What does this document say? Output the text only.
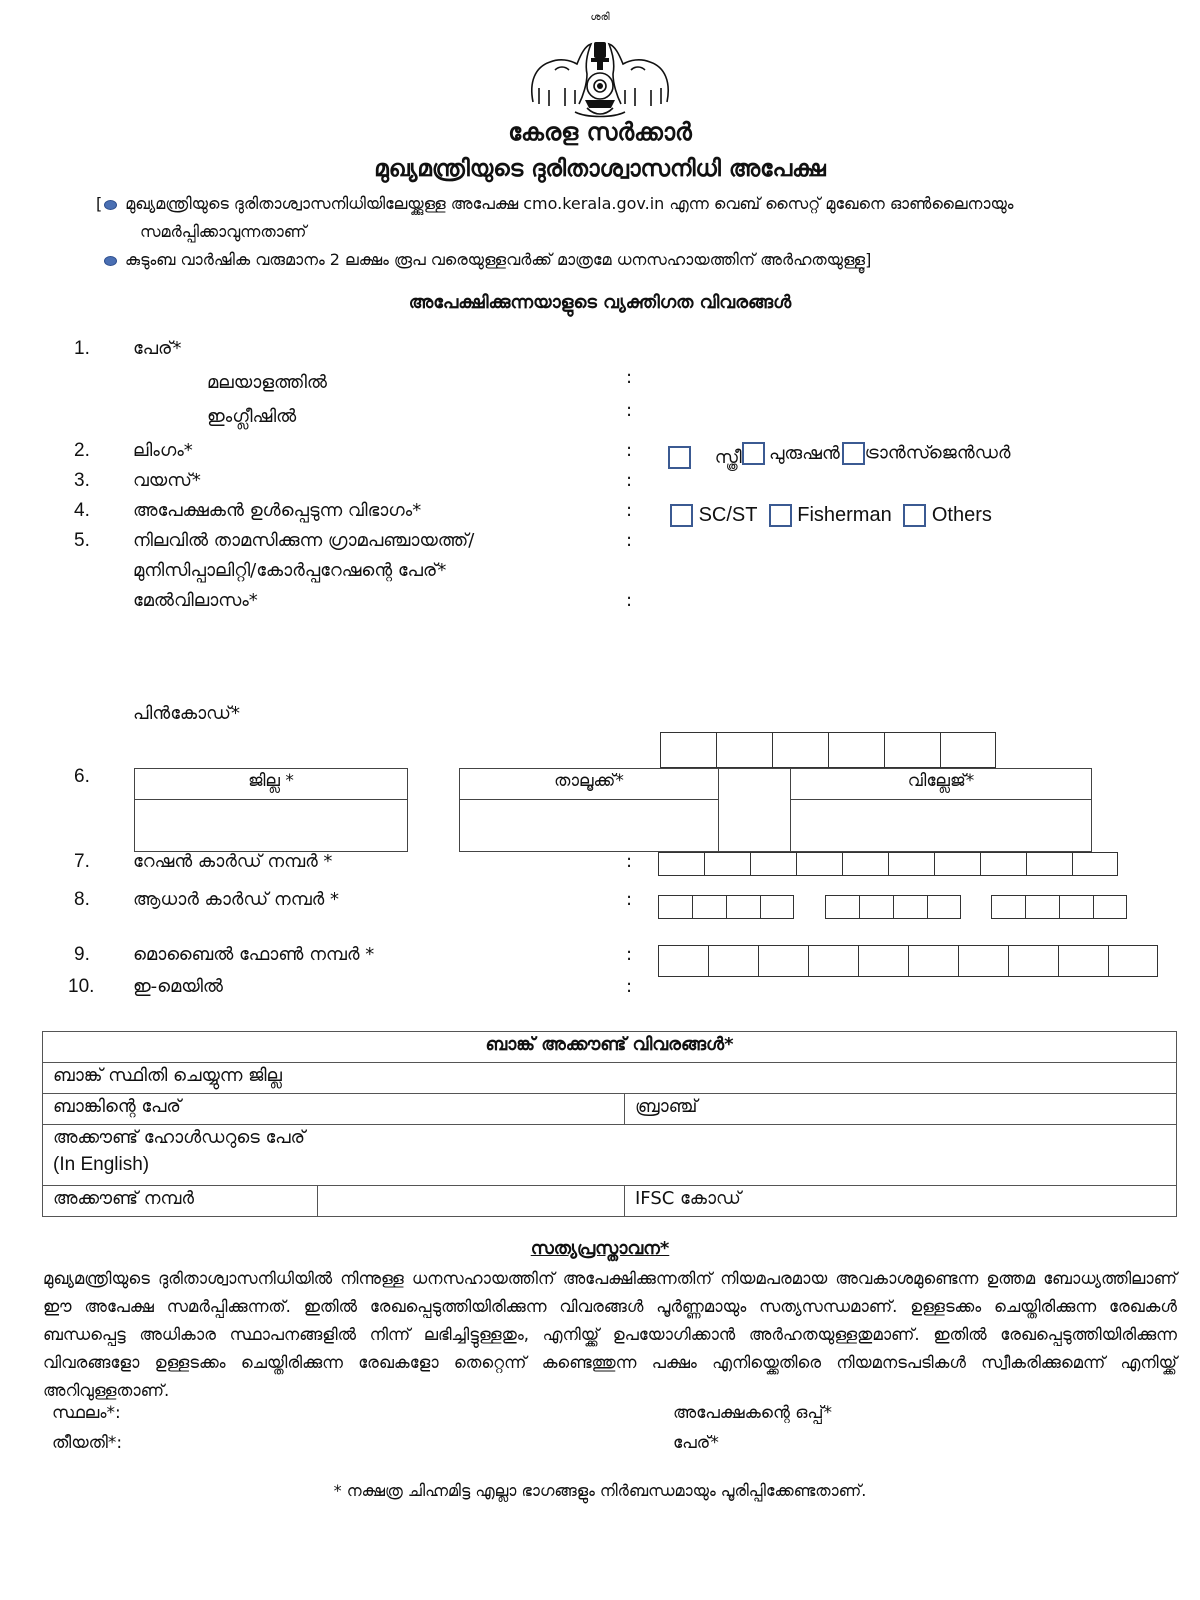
ശരി
കേരള സർക്കാർ
മുഖ്യമന്ത്രിയുടെ ദുരിതാശ്വാസനിധി അപേക്ഷ
[ മുഖ്യമന്ത്രിയുടെ ദുരിതാശ്വാസനിധിയിലേയ്ക്കുള്ള അപേക്ഷ cmo.kerala.gov.in എന്ന വെബ് സൈറ്റ് മുഖേനെ ഓൺലൈനായും
സമർപ്പിക്കാവുന്നതാണ്
കുടുംബ വാർഷിക വരുമാനം 2 ലക്ഷം രൂപ വരെയുള്ളവർക്ക് മാത്രമേ ധനസഹായത്തിന് അർഹതയുള്ളൂ]
അപേക്ഷിക്കുന്നയാളുടെ വ്യക്തിഗത വിവരങ്ങൾ
1. പേര്*
മലയാളത്തിൽ	:
ഇംഗ്ലീഷിൽ	:
2. ലിംഗം*	:	സ്ത്രീ	പുരുഷൻ ട്രാൻസ്ജെൻഡർ
3. വയസ്*	:
4. അപേക്ഷകൻ ഉൾപ്പെടുന്ന വിഭാഗം*	:	SC/ST Fisherman Others
5. നിലവിൽ താമസിക്കുന്ന ഗ്രാമപഞ്ചായത്ത്/	:
മുനിസിപ്പാലിറ്റി/കോർപ്പറേഷന്റെ പേര്*
മേൽവിലാസം*	:
പിൻകോഡ്*
6.	ജില്ല *	താലൂക്ക്*	വില്ലേജ്*
7. റേഷൻ കാർഡ് നമ്പർ *	:
8. ആധാർ കാർഡ് നമ്പർ *	:
9. മൊബൈൽ ഫോൺ നമ്പർ *	:
10. ഇ-മെയിൽ	:
ബാങ്ക് അക്കൗണ്ട് വിവരങ്ങൾ*		
ബാങ്ക് സ്ഥിതി ചെയ്യുന്ന ജില്ല		
ബാങ്കിന്റെ പേര്		ബ്രാഞ്ച്

അക്കൗണ്ട് ഹോൾഡറുടെ പേര്
(In English)		

അക്കൗണ്ട് നമ്പർ		IFSC കോഡ്
സത്യപ്രസ്താവന*
മുഖ്യമന്ത്രിയുടെ ദുരിതാശ്വാസനിധിയിൽ നിന്നുള്ള ധനസഹായത്തിന് അപേക്ഷിക്കുന്നതിന് നിയമപരമായ അവകാശമുണ്ടെന്ന ഉത്തമ ബോധ്യത്തിലാണ് ഈ അപേക്ഷ സമർപ്പിക്കുന്നത്. ഇതിൽ രേഖപ്പെടുത്തിയിരിക്കുന്ന വിവരങ്ങൾ പൂർണ്ണമായും സത്യസന്ധമാണ്. ഉള്ളടക്കം ചെയ്തിരിക്കുന്ന രേഖകൾ ബന്ധപ്പെട്ട അധികാര സ്ഥാപനങ്ങളിൽ നിന്ന് ലഭിച്ചിട്ടുള്ളതും, എനിയ്ക്ക് ഉപയോഗിക്കാൻ അർഹതയുള്ളതുമാണ്. ഇതിൽ രേഖപ്പെടുത്തിയിരിക്കുന്ന വിവരങ്ങളോ ഉള്ളടക്കം ചെയ്തിരിക്കുന്ന രേഖകളോ തെറ്റെന്ന് കണ്ടെത്തുന്ന പക്ഷം എനിയ്ക്കെതിരെ നിയമനടപടികൾ സ്വീകരിക്കുമെന്ന് എനിയ്ക്ക് അറിവുള്ളതാണ്.
സ്ഥലം*:	അപേക്ഷകന്റെ ഒപ്പ്*
തീയതി*:	പേര്*
* നക്ഷത്ര ചിഹ്നമിട്ട എല്ലാ ഭാഗങ്ങളും നിർബന്ധമായും പൂരിപ്പിക്കേണ്ടതാണ്.
